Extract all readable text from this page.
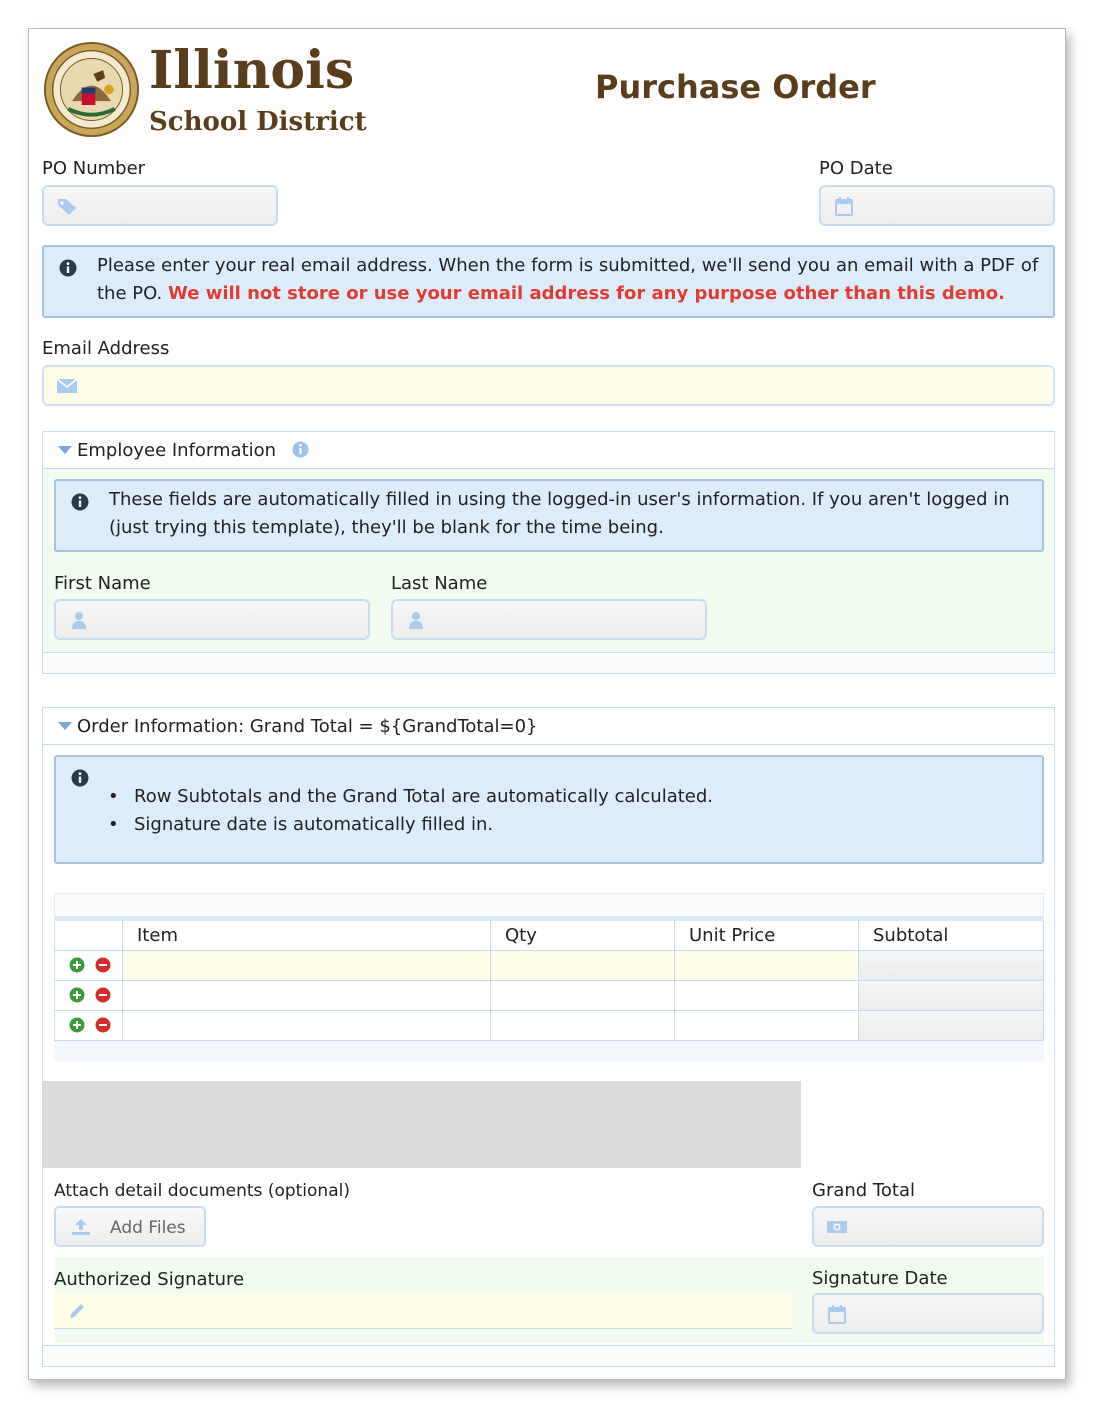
Illinois
School District
Purchase Order
PO Number	PO Date
Please enter your real email address. When the form is submitted, we'll send you an email with a PDF of the PO. We will not store or use your email address for any purpose other than this demo.
Email Address
Employee Information
These fields are automatically filled in using the logged-in user's information. If you aren't logged in (just trying this template), they'll be blank for the time being.
First Name	Last Name
Order Information: Grand Total = ${GrandTotal=0}
• Row Subtotals and the Grand Total are automatically calculated.
• Signature date is automatically filled in.
Item	Qty	Unit Price	Subtotal
Attach detail documents (optional)
Add Files
Grand Total
Authorized Signature	Signature Date
